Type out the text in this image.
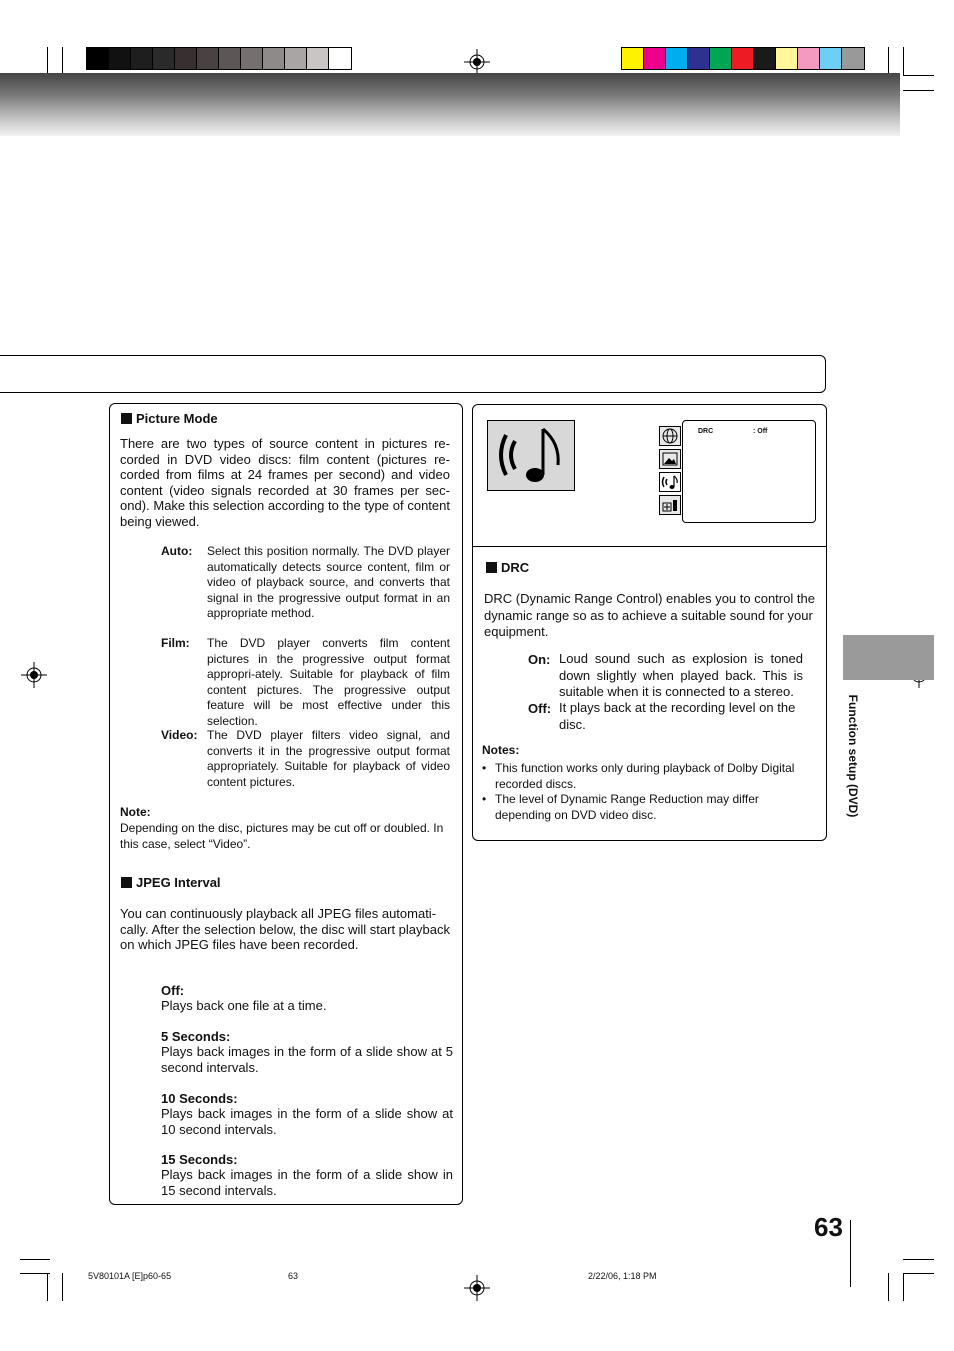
Picture Mode
There are two types of source content in pictures re-corded in DVD video discs: film content (pictures re-corded from films at 24 frames per second) and video content (video signals recorded at 30 frames per sec-ond). Make this selection according to the type of content being viewed.
Auto: Select this position normally. The DVD player automatically detects source content, film or video of playback source, and converts that signal in the progressive output format in an appropriate method.
Film: The DVD player converts film content pictures in the progressive output format appropri-ately. Suitable for playback of film content pictures. The progressive output feature will be most effective under this selection.
Video: The DVD player filters video signal, and converts it in the progressive output format appropriately. Suitable for playback of video content pictures.
Note:
Depending on the disc, pictures may be cut off or doubled. In this case, select “Video”.
JPEG Interval
You can continuously playback all JPEG files automati-cally. After the selection below, the disc will start playback on which JPEG files have been recorded.
Off:
Plays back one file at a time.
5 Seconds:
Plays back images in the form of a slide show at 5 second intervals.
10 Seconds:
Plays back images in the form of a slide show at 10 second intervals.
15 Seconds:
Plays back images in the form of a slide show in 15 second intervals.
DRC	: Off
DRC
DRC (Dynamic Range Control) enables you to control the dynamic range so as to achieve a suitable sound for your equipment.
On: Loud sound such as explosion is toned down slightly when played back. This is suitable when it is connected to a stereo.
Off: It plays back at the recording level on the disc.
Notes:
• This function works only during playback of Dolby Digital recorded discs.
• The level of Dynamic Range Reduction may differ depending on DVD video disc.	Function setup (DVD)
63
5V80101A [E]p60-65	63	2/22/06, 1:18 PM
